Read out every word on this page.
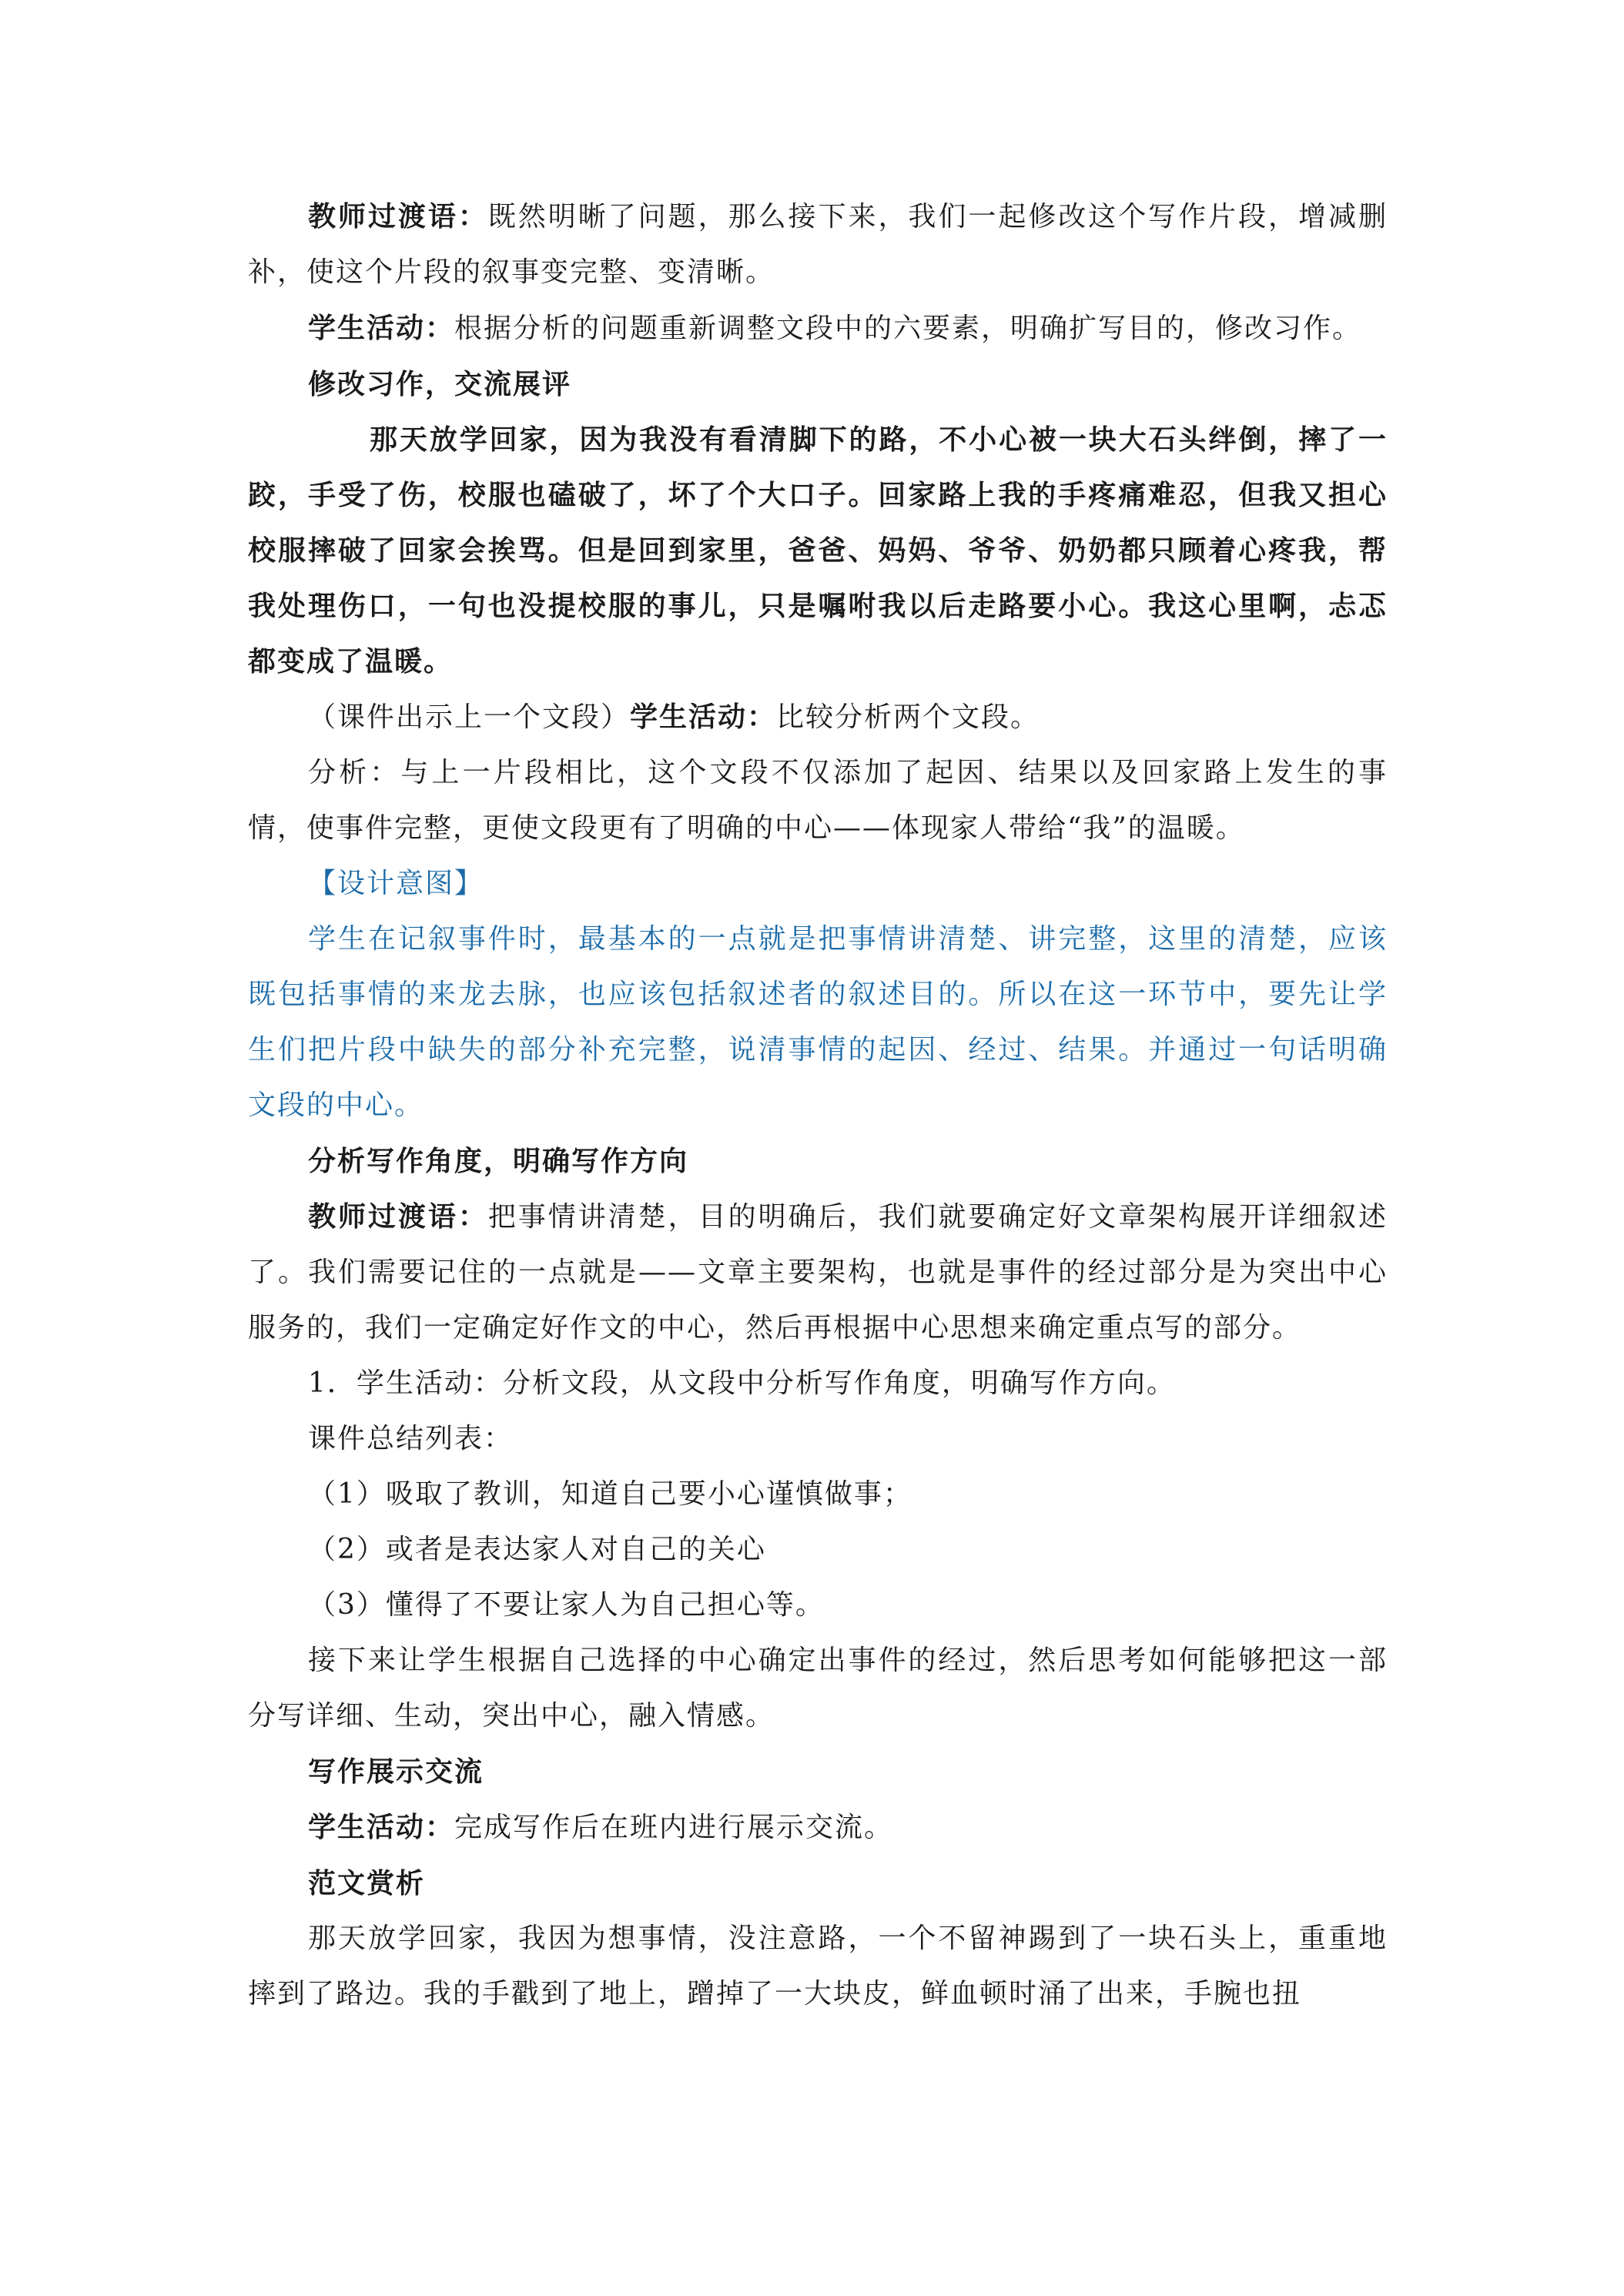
教师过渡语：既然明晰了问题，那么接下来，我们一起修改这个写作片段，增减删补，使这个片段的叙事变完整、变清晰。

学生活动：根据分析的问题重新调整文段中的六要素，明确扩写目的，修改习作。

修改习作，交流展评

那天放学回家，因为我没有看清脚下的路，不小心被一块大石头绊倒，摔了一跤，手受了伤，校服也磕破了，坏了个大口子。回家路上我的手疼痛难忍，但我又担心校服摔破了回家会挨骂。但是回到家里，爸爸、妈妈、爷爷、奶奶都只顾着心疼我，帮我处理伤口，一句也没提校服的事儿，只是嘱咐我以后走路要小心。我这心里啊，忐忑都变成了温暖。

（课件出示上一个文段）学生活动：比较分析两个文段。

分析：与上一片段相比，这个文段不仅添加了起因、结果以及回家路上发生的事情，使事件完整，更使文段更有了明确的中心——体现家人带给“我”的温暖。

【设计意图】

学生在记叙事件时，最基本的一点就是把事情讲清楚、讲完整，这里的清楚，应该既包括事情的来龙去脉，也应该包括叙述者的叙述目的。所以在这一环节中，要先让学生们把片段中缺失的部分补充完整，说清事情的起因、经过、结果。并通过一句话明确文段的中心。

分析写作角度，明确写作方向

教师过渡语：把事情讲清楚，目的明确后，我们就要确定好文章架构展开详细叙述了。我们需要记住的一点就是——文章主要架构，也就是事件的经过部分是为突出中心服务的，我们一定确定好作文的中心，然后再根据中心思想来确定重点写的部分。

1．学生活动：分析文段，从文段中分析写作角度，明确写作方向。

课件总结列表：

（1）吸取了教训，知道自己要小心谨慎做事；

（2）或者是表达家人对自己的关心

（3）懂得了不要让家人为自己担心等。

接下来让学生根据自己选择的中心确定出事件的经过，然后思考如何能够把这一部分写详细、生动，突出中心，融入情感。

写作展示交流

学生活动：完成写作后在班内进行展示交流。

范文赏析

那天放学回家，我因为想事情，没注意路，一个不留神踢到了一块石头上，重重地摔到了路边。我的手戳到了地上，蹭掉了一大块皮，鲜血顿时涌了出来，手腕也扭
